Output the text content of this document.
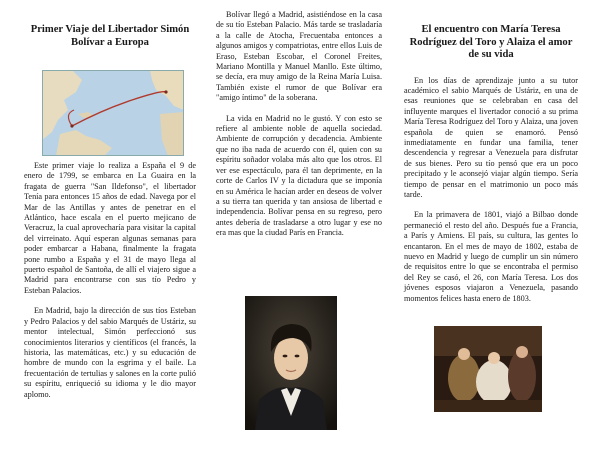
Primer Viaje del Libertador Simón Bolívar a Europa

Este primer viaje lo realiza a España el 9 de enero de 1799, se embarca en La Guaira en la fragata de guerra "San Ildefonso", el libertador Tenía para entonces 15 años de edad. Navega por el Mar de las Antillas y antes de penetrar en el Atlántico, hace escala en el puerto mejicano de Veracruz, la cual aprovecharía para visitar la capital del virreinato. Aquí esperan algunas semanas para poder embarcar a Habana, finalmente la fragata pone rumbo a España y el 31 de mayo llega al puerto español de Santoña, de allí el viajero sigue a Madrid para encontrarse con sus tío Pedro y Esteban Palacios.

En Madrid, bajo la dirección de sus tíos Esteban y Pedro Palacios y del sabio Marqués de Ustáriz, su mentor intelectual, Simón perfeccionó sus conocimientos literarios y científicos (el francés, la historia, las matemáticas, etc.) y su educación de hombre de mundo con la esgrima y el baile. La frecuentación de tertulias y salones en la corte pulió su espíritu, enriqueció su idioma y le dio mayor aplomo.

Bolívar llegó a Madrid, asistiéndose en la casa de su tío Esteban Palacio. Más tarde se trasladaría a la calle de Atocha, Frecuentaba entonces a algunos amigos y compatriotas, entre ellos Luis de Eraso, Esteban Escobar, el Coronel Freites, Mariano Montilla y Manuel Manllo. Este último, se decía, era muy amigo de la Reina María Luisa. También existe el rumor de que Bolívar era "amigo íntimo" de la soberana.

La vida en Madrid no le gustó. Y con esto se refiere al ambiente noble de aquella sociedad. Ambiente de corrupción y decadencia. Ambiente que no iba nada de acuerdo con él, quien con su espíritu soñador volaba más alto que los otros. El ver ese espectáculo, para él tan deprimente, en la corte de Carlos IV y la dictadura que se imponía en su América le hacían arder en deseos de volver a su tierra tan querida y tan ansiosa de libertad e independencia. Bolívar pensa en su regreso, pero antes debería de trasladarse a otro lugar y ese no era mas que la ciudad París en Francia.

El encuentro con María Teresa Rodríguez del Toro y Alaiza el amor de su vida

En los días de aprendizaje junto a su tutor académico el sabio Marqués de Ustáriz, en una de esas reuniones que se celebraban en casa del influyente marques el livertador conoció a su prima María Teresa Rodríguez del Toro y Alaiza, una joven española de quien se enamoró. Pensó inmediatamente en fundar una familia, tener descendencia y regresar a Venezuela para disfrutar de sus bienes. Pero su tío pensó que era un poco precipitado y le aconsejó viajar algún tiempo. Sería tiempo de pensar en el matrimonio un poco más tarde.

En la primavera de 1801, viajó a Bilbao donde permaneció el resto del año. Después fue a Francia, a París y Amiens. El país, su cultura, las gentes lo encantaron. En el mes de mayo de 1802, estaba de nuevo en Madrid y luego de cumplir un sin número de requisitos entre lo que se encontraba el permiso del Rey se casó, el 26, con María Teresa. Los dos jóvenes esposos viajaron a Venezuela, pasando momentos felices hasta enero de 1803.
